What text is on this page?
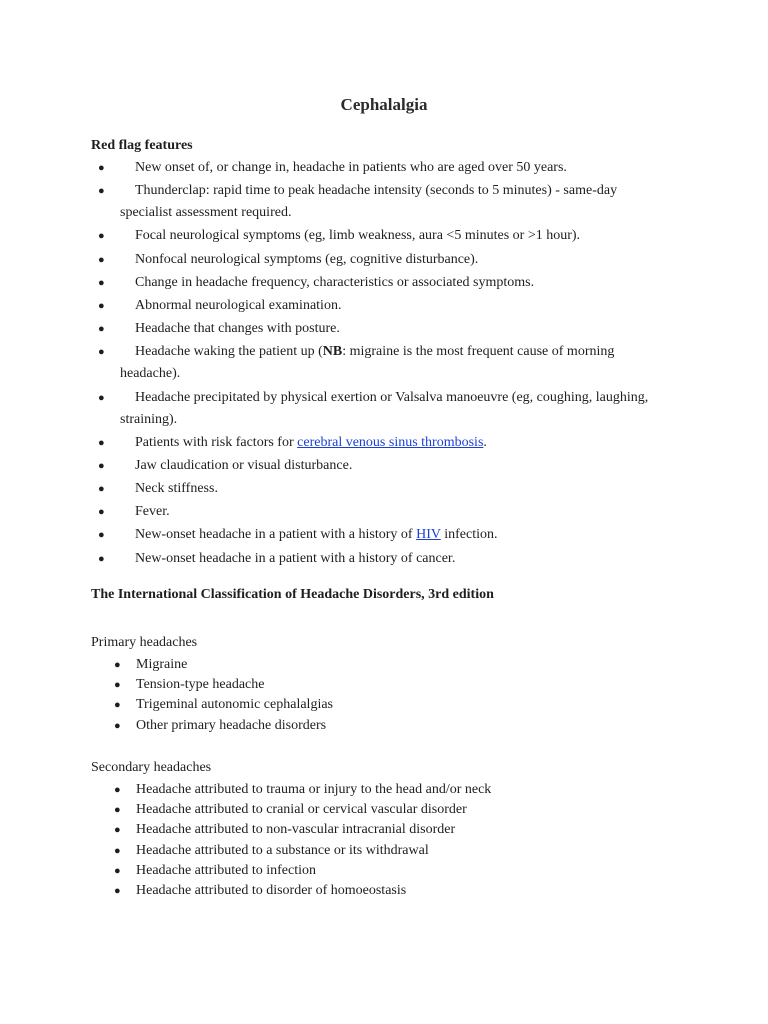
Cephalalgia
Red flag features
● New onset of, or change in, headache in patients who are aged over 50 years.
● Thunderclap: rapid time to peak headache intensity (seconds to 5 minutes) - same-day specialist assessment required.
● Focal neurological symptoms (eg, limb weakness, aura <5 minutes or >1 hour).
● Nonfocal neurological symptoms (eg, cognitive disturbance).
● Change in headache frequency, characteristics or associated symptoms.
● Abnormal neurological examination.
● Headache that changes with posture.
● Headache waking the patient up (NB: migraine is the most frequent cause of morning headache).
● Headache precipitated by physical exertion or Valsalva manoeuvre (eg, coughing, laughing, straining).
● Patients with risk factors for cerebral venous sinus thrombosis.
● Jaw claudication or visual disturbance.
● Neck stiffness.
● Fever.
● New-onset headache in a patient with a history of HIV infection.
● New-onset headache in a patient with a history of cancer.
The International Classification of Headache Disorders, 3rd edition
Primary headaches
● Migraine
● Tension-type headache
● Trigeminal autonomic cephalalgias
● Other primary headache disorders
Secondary headaches
● Headache attributed to trauma or injury to the head and/or neck
● Headache attributed to cranial or cervical vascular disorder
● Headache attributed to non-vascular intracranial disorder
● Headache attributed to a substance or its withdrawal
● Headache attributed to infection
● Headache attributed to disorder of homoeostasis
